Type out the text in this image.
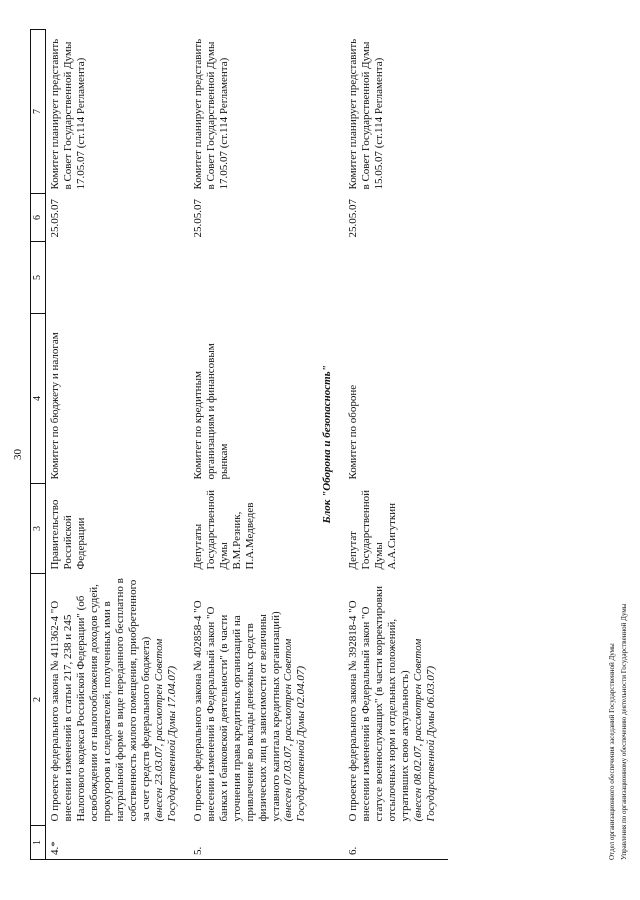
30
1	2	3	4	5	6	7
4.*	О проекте федерального закона № 411362-4 "О внесении изменений в статьи 217, 238 и 245 Налогового кодекса Российской Федерации" (об освобождении от налогообложения доходов судей, прокуроров и следователей, полученных ими в натуральной форме в виде переданного бесплатно в собственность жилого помещения, приобретенного за счет средств федерального бюджета) (внесен 23.03.07, рассмотрен Советом Государственной Думы 17.04.07)	Правительство Российской Федерации	Комитет по бюджету и налогам		25.05.07	Комитет планирует представить в Совет Государственной Думы 17.05.07 (ст.114 Регламента)
5.	О проекте федерального закона № 402858-4 "О внесении изменений в Федеральный закон "О банках и банковской деятельности" (в части уточнения права кредитных организаций на привлечение во вклады денежных средств физических лиц в зависимости от величины уставного капитала кредитных организаций) (внесен 07.03.07, рассмотрен Советом Государственной Думы 02.04.07)	Депутаты Государственной Думы В.М.Резник, П.А.Медведев	Комитет по кредитным организациям и финансовым рынкам		25.05.07	Комитет планирует представить в Совет Государственной Думы 17.05.07 (ст.114 Регламента)
Блок "Оборона и безопасность"						
6.	О проекте федерального закона № 392818-4 "О внесении изменений в Федеральный закон "О статусе военнослужащих" (в части корректировки отсылочных норм и отдельных положений, утративших свою актуальность) (внесен 08.02.07, рассмотрен Советом Государственной Думы 06.03.07)	Депутат Государственной Думы А.А.Сигуткин	Комитет по обороне		25.05.07	Комитет планирует представить в Совет Государственной Думы 15.05.07 (ст.114 Регламента)
Отдел организационного обеспечения заседаний Государственной Думы Управления по организационному обеспечению деятельности Государственной Думы
